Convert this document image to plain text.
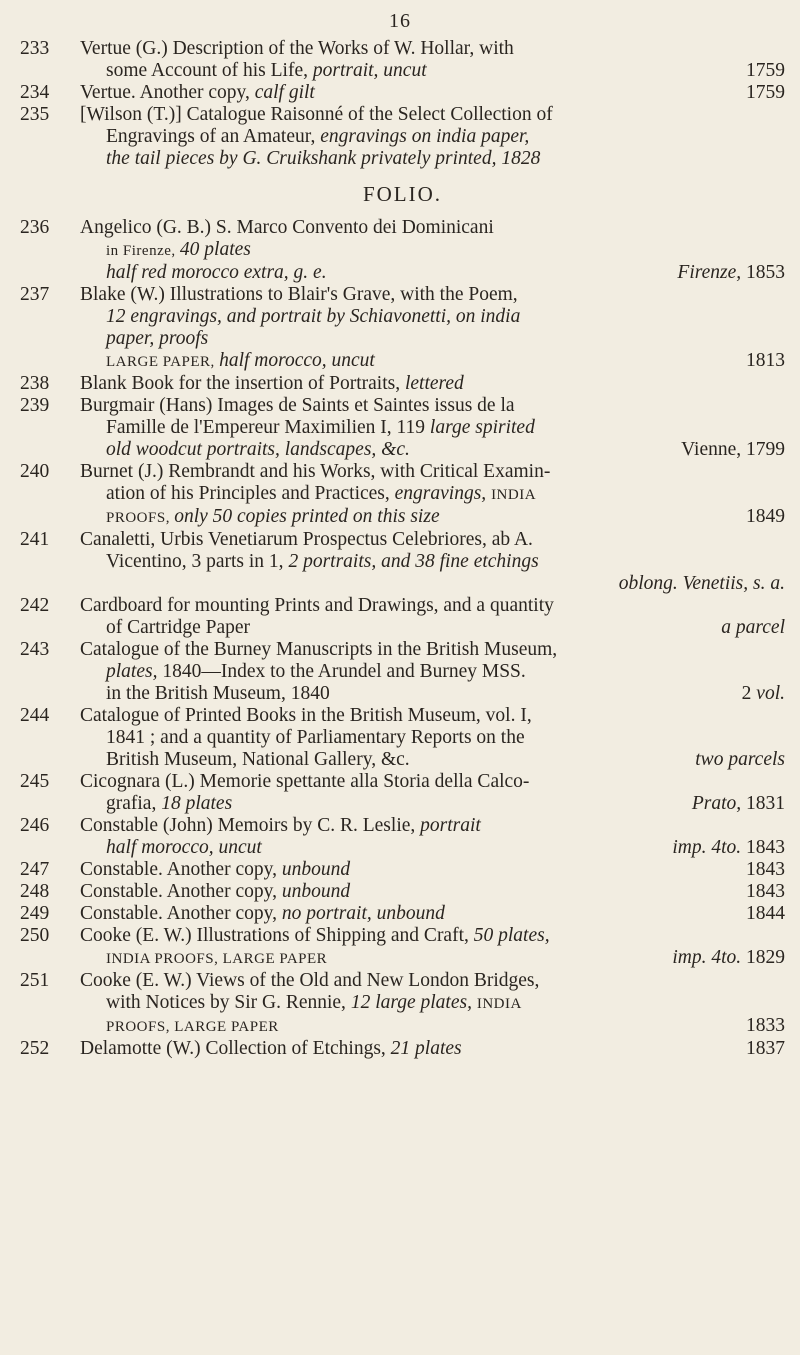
16
233	Vertue (G.) Description of the Works of W. Hollar, with
some Account of his Life, portrait, uncut	1759
234	Vertue. Another copy, calf gilt	1759
235	[Wilson (T.)] Catalogue Raisonné of the Select Collection of
Engravings of an Amateur, engravings on india paper,
the tail pieces by G. Cruikshank privately printed, 1828
FOLIO.
236	Angelico (G. B.) S. Marco Convento dei Dominicani
in Firenze, 40 plates
half red morocco extra, g. e.	Firenze, 1853
237	Blake (W.) Illustrations to Blair's Grave, with the Poem,
12 engravings, and portrait by Schiavonetti, on india
paper, proofs
LARGE PAPER, half morocco, uncut	1813
238	Blank Book for the insertion of Portraits, lettered
239	Burgmair (Hans) Images de Saints et Saintes issus de la
Famille de l'Empereur Maximilien I, 119 large spirited
old woodcut portraits, landscapes, &c.	Vienne, 1799
240	Burnet (J.) Rembrandt and his Works, with Critical Examin-
ation of his Principles and Practices, engravings, INDIA
PROOFS, only 50 copies printed on this size	1849
241	Canaletti, Urbis Venetiarum Prospectus Celebriores, ab A.
Vicentino, 3 parts in 1, 2 portraits, and 38 fine etchings
oblong. Venetiis, s. a.
242	Cardboard for mounting Prints and Drawings, and a quantity
of Cartridge Paper	a parcel
243	Catalogue of the Burney Manuscripts in the British Museum,
plates, 1840—Index to the Arundel and Burney MSS.
in the British Museum, 1840	2 vol.
244	Catalogue of Printed Books in the British Museum, vol. I,
1841 ; and a quantity of Parliamentary Reports on the
British Museum, National Gallery, &c.	two parcels
245	Cicognara (L.) Memorie spettante alla Storia della Calco-
grafia, 18 plates	Prato, 1831
246	Constable (John) Memoirs by C. R. Leslie, portrait
half morocco, uncut	imp. 4to. 1843
247	Constable. Another copy, unbound	1843
248	Constable. Another copy, unbound	1843
249	Constable. Another copy, no portrait, unbound	1844
250	Cooke (E. W.) Illustrations of Shipping and Craft, 50 plates,
INDIA PROOFS, LARGE PAPER	imp. 4to. 1829
251	Cooke (E. W.) Views of the Old and New London Bridges,
with Notices by Sir G. Rennie, 12 large plates, INDIA
PROOFS, LARGE PAPER	1833
252	Delamotte (W.) Collection of Etchings, 21 plates	1837
